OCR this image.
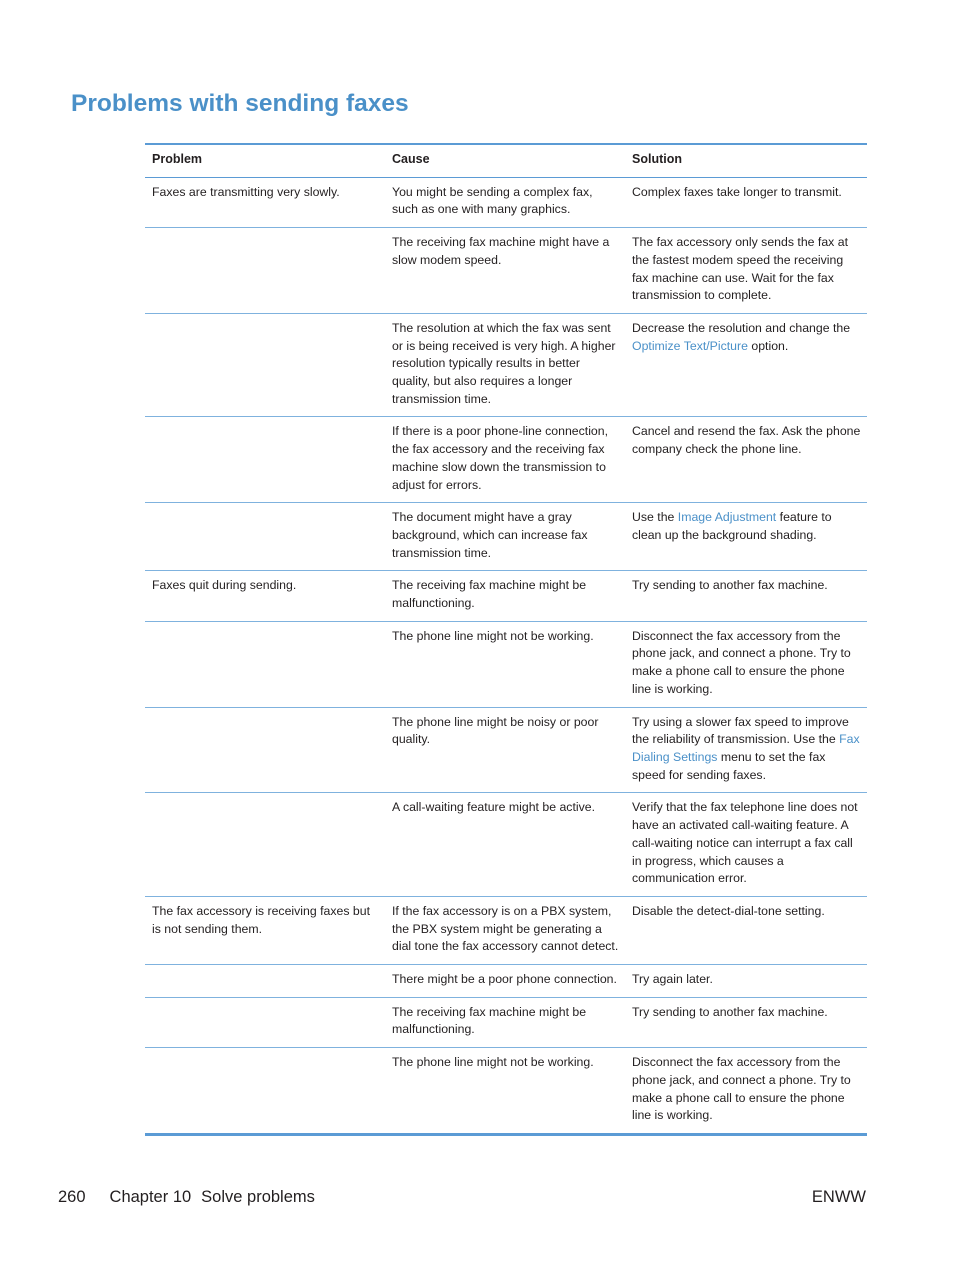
Problems with sending faxes
Problem	Cause	Solution
Faxes are transmitting very slowly.	You might be sending a complex fax, such as one with many graphics.	Complex faxes take longer to transmit.
	The receiving fax machine might have a slow modem speed.	The fax accessory only sends the fax at the fastest modem speed the receiving fax machine can use. Wait for the fax transmission to complete.
	The resolution at which the fax was sent or is being received is very high. A higher resolution typically results in better quality, but also requires a longer transmission time.	Decrease the resolution and change the Optimize Text/Picture option.
	If there is a poor phone-line connection, the fax accessory and the receiving fax machine slow down the transmission to adjust for errors.	Cancel and resend the fax. Ask the phone company check the phone line.
	The document might have a gray background, which can increase fax transmission time.	Use the Image Adjustment feature to clean up the background shading.
Faxes quit during sending.	The receiving fax machine might be malfunctioning.	Try sending to another fax machine.
	The phone line might not be working.	Disconnect the fax accessory from the phone jack, and connect a phone. Try to make a phone call to ensure the phone line is working.
	The phone line might be noisy or poor quality.	Try using a slower fax speed to improve the reliability of transmission. Use the Fax Dialing Settings menu to set the fax speed for sending faxes.
	A call-waiting feature might be active.	Verify that the fax telephone line does not have an activated call-waiting feature. A call-waiting notice can interrupt a fax call in progress, which causes a communication error.
The fax accessory is receiving faxes but is not sending them.	If the fax accessory is on a PBX system, the PBX system might be generating a dial tone the fax accessory cannot detect.	Disable the detect-dial-tone setting.
	There might be a poor phone connection.	Try again later.
	The receiving fax machine might be malfunctioning.	Try sending to another fax machine.
	The phone line might not be working.	Disconnect the fax accessory from the phone jack, and connect a phone. Try to make a phone call to ensure the phone line is working.
260 Chapter 10 Solve problems	ENWW
